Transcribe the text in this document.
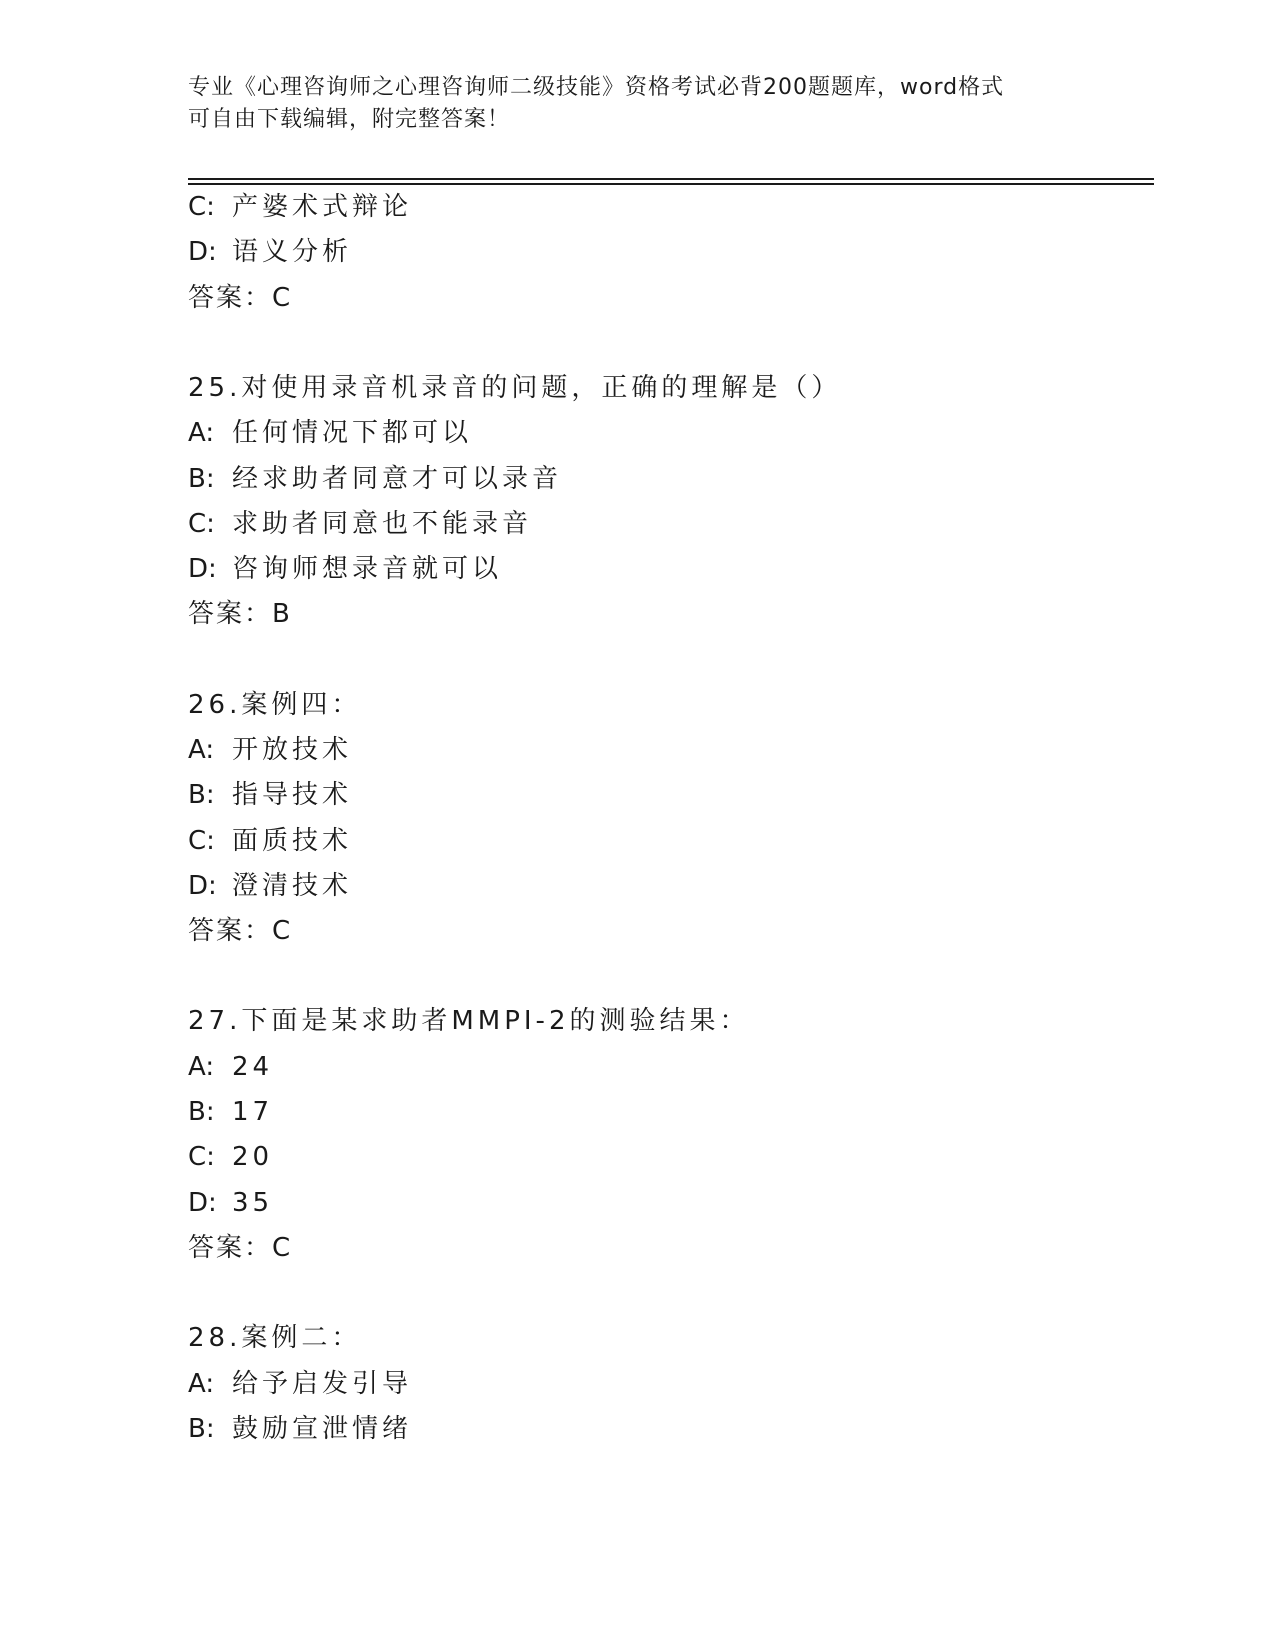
专业《心理咨询师之心理咨询师二级技能》资格考试必背200题题库，word格式
可自由下载编辑，附完整答案！
C: 产婆术式辩论
D: 语义分析
答案：C
25.对使用录音机录音的问题，正确的理解是（）
A: 任何情况下都可以
B: 经求助者同意才可以录音
C: 求助者同意也不能录音
D: 咨询师想录音就可以
答案：B
26.案例四：
A: 开放技术
B: 指导技术
C: 面质技术
D: 澄清技术
答案：C
27.下面是某求助者MMPI-2的测验结果：
A: 24
B: 17
C: 20
D: 35
答案：C
28.案例二：
A: 给予启发引导
B: 鼓励宣泄情绪
